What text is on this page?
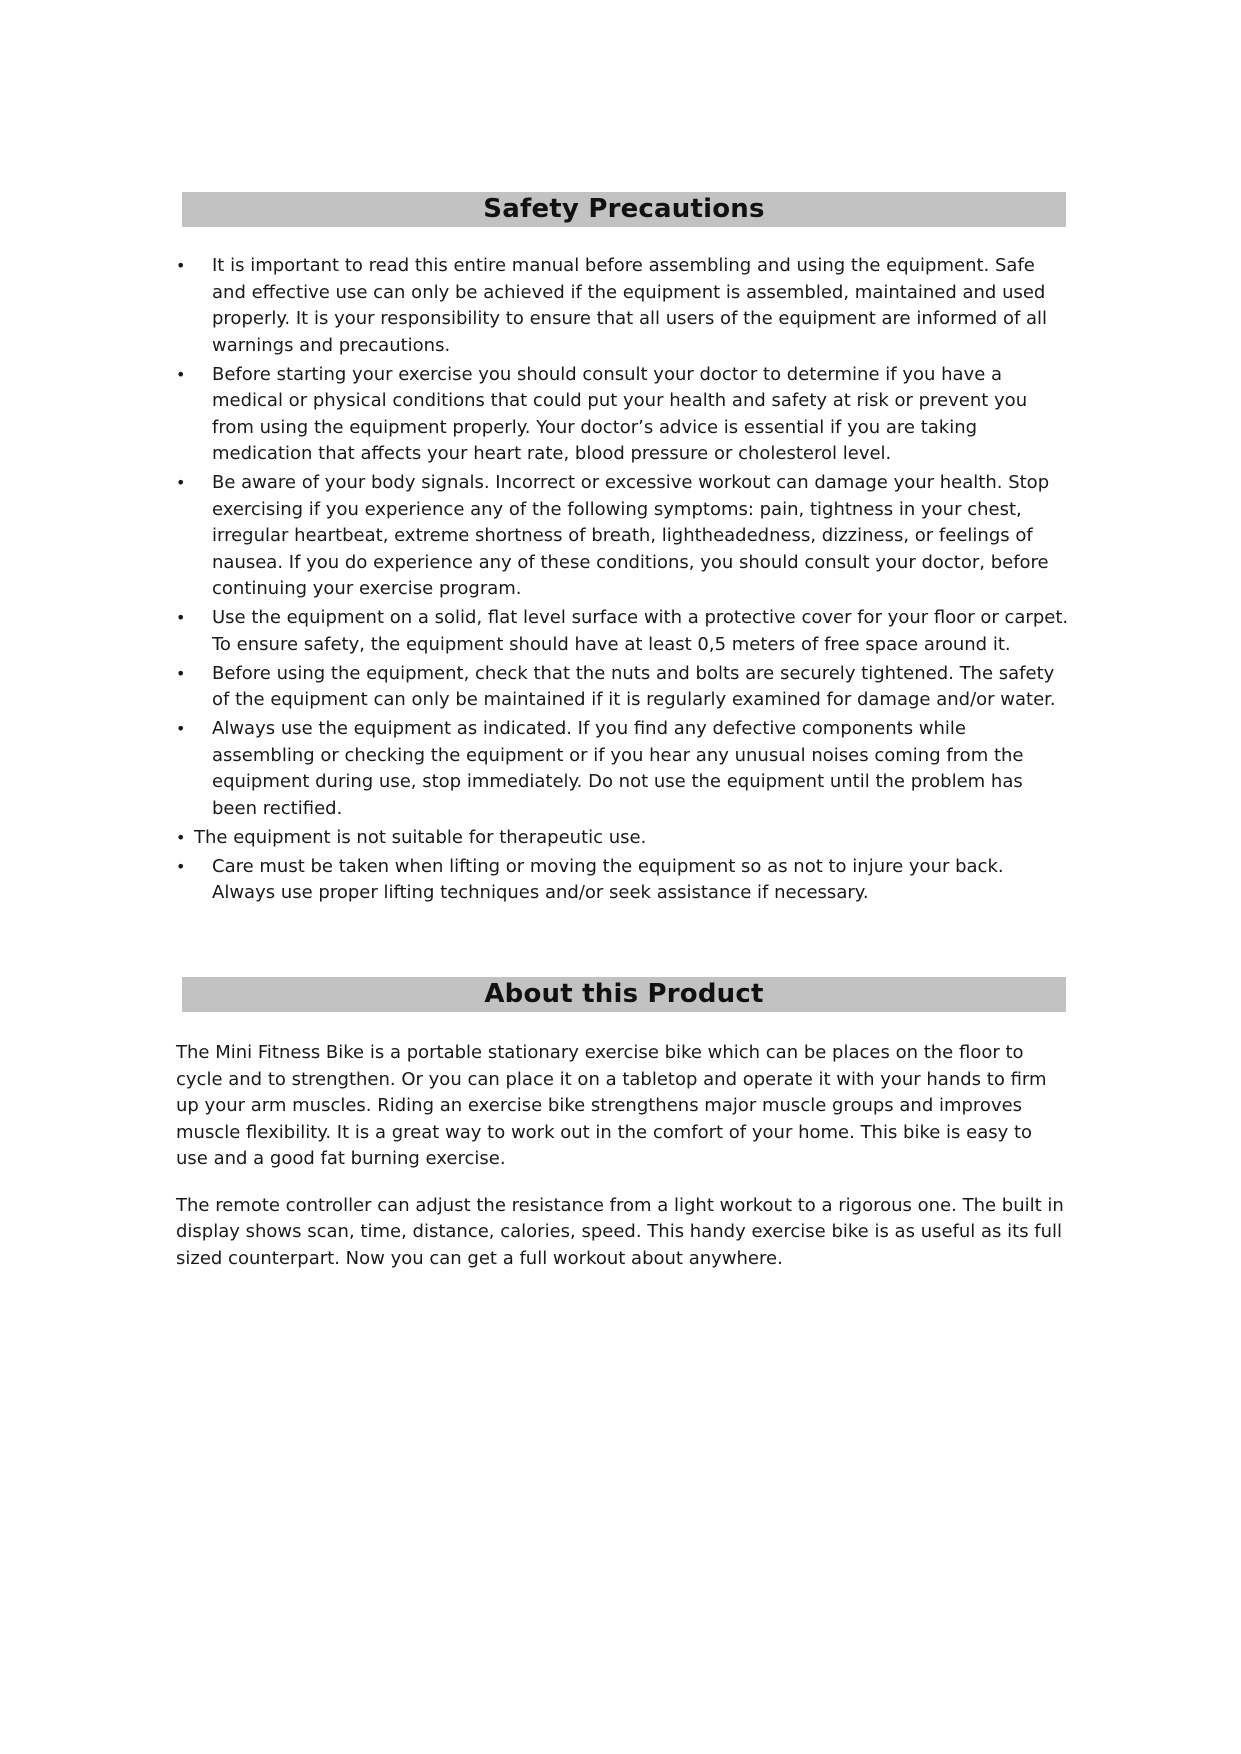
Safety Precautions
• It is important to read this entire manual before assembling and using the equipment. Safe and effective use can only be achieved if the equipment is assembled, maintained and used properly. It is your responsibility to ensure that all users of the equipment are informed of all warnings and precautions.
• Before starting your exercise you should consult your doctor to determine if you have a medical or physical conditions that could put your health and safety at risk or prevent you from using the equipment properly. Your doctor’s advice is essential if you are taking medication that affects your heart rate, blood pressure or cholesterol level.
• Be aware of your body signals. Incorrect or excessive workout can damage your health. Stop exercising if you experience any of the following symptoms: pain, tightness in your chest, irregular heartbeat, extreme shortness of breath, lightheadedness, dizziness, or feelings of nausea. If you do experience any of these conditions, you should consult your doctor, before continuing your exercise program.
• Use the equipment on a solid, flat level surface with a protective cover for your floor or carpet. To ensure safety, the equipment should have at least 0,5 meters of free space around it.
• Before using the equipment, check that the nuts and bolts are securely tightened. The safety of the equipment can only be maintained if it is regularly examined for damage and/or water.
• Always use the equipment as indicated. If you find any defective components while assembling or checking the equipment or if you hear any unusual noises coming from the equipment during use, stop immediately. Do not use the equipment until the problem has been rectified.
• The equipment is not suitable for therapeutic use.
• Care must be taken when lifting or moving the equipment so as not to injure your back. Always use proper lifting techniques and/or seek assistance if necessary.
About this Product

The Mini Fitness Bike is a portable stationary exercise bike which can be places on the floor to cycle and to strengthen. Or you can place it on a tabletop and operate it with your hands to firm up your arm muscles. Riding an exercise bike strengthens major muscle groups and improves muscle flexibility. It is a great way to work out in the comfort of your home. This bike is easy to use and a good fat burning exercise.

The remote controller can adjust the resistance from a light workout to a rigorous one. The built in display shows scan, time, distance, calories, speed. This handy exercise bike is as useful as its full sized counterpart. Now you can get a full workout about anywhere.
